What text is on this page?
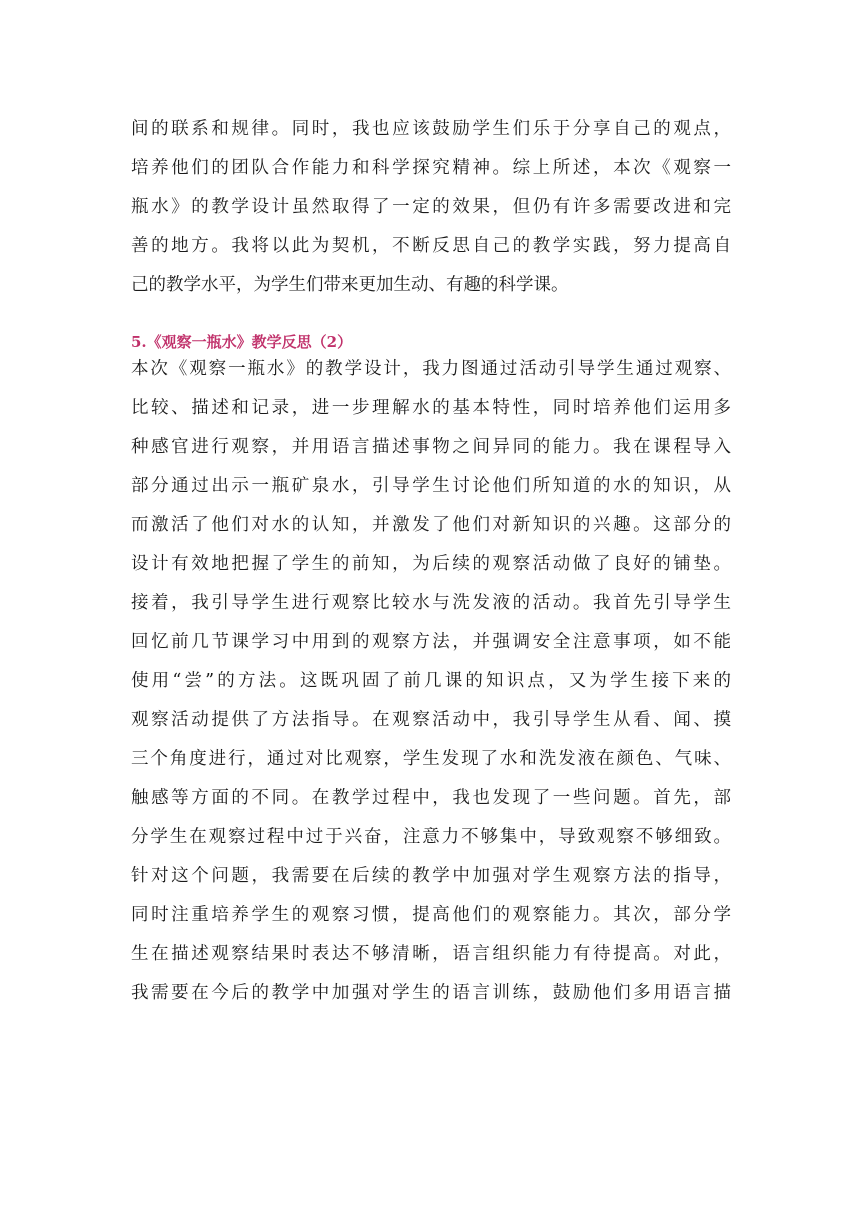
间的联系和规律。同时，我也应该鼓励学生们乐于分享自己的观点，
培养他们的团队合作能力和科学探究精神。综上所述，本次《观察一
瓶水》的教学设计虽然取得了一定的效果，但仍有许多需要改进和完
善的地方。我将以此为契机，不断反思自己的教学实践，努力提高自
己的教学水平，为学生们带来更加生动、有趣的科学课。
5.《观察一瓶水》教学反思（2）
本次《观察一瓶水》的教学设计，我力图通过活动引导学生通过观察、
比较、描述和记录，进一步理解水的基本特性，同时培养他们运用多
种感官进行观察，并用语言描述事物之间异同的能力。我在课程导入
部分通过出示一瓶矿泉水，引导学生讨论他们所知道的水的知识，从
而激活了他们对水的认知，并激发了他们对新知识的兴趣。这部分的
设计有效地把握了学生的前知，为后续的观察活动做了良好的铺垫。
接着，我引导学生进行观察比较水与洗发液的活动。我首先引导学生
回忆前几节课学习中用到的观察方法，并强调安全注意事项，如不能
使用“尝”的方法。这既巩固了前几课的知识点，又为学生接下来的
观察活动提供了方法指导。在观察活动中，我引导学生从看、闻、摸
三个角度进行，通过对比观察，学生发现了水和洗发液在颜色、气味、
触感等方面的不同。在教学过程中，我也发现了一些问题。首先，部
分学生在观察过程中过于兴奋，注意力不够集中，导致观察不够细致。
针对这个问题，我需要在后续的教学中加强对学生观察方法的指导，
同时注重培养学生的观察习惯，提高他们的观察能力。其次，部分学
生在描述观察结果时表达不够清晰，语言组织能力有待提高。对此，
我需要在今后的教学中加强对学生的语言训练，鼓励他们多用语言描
